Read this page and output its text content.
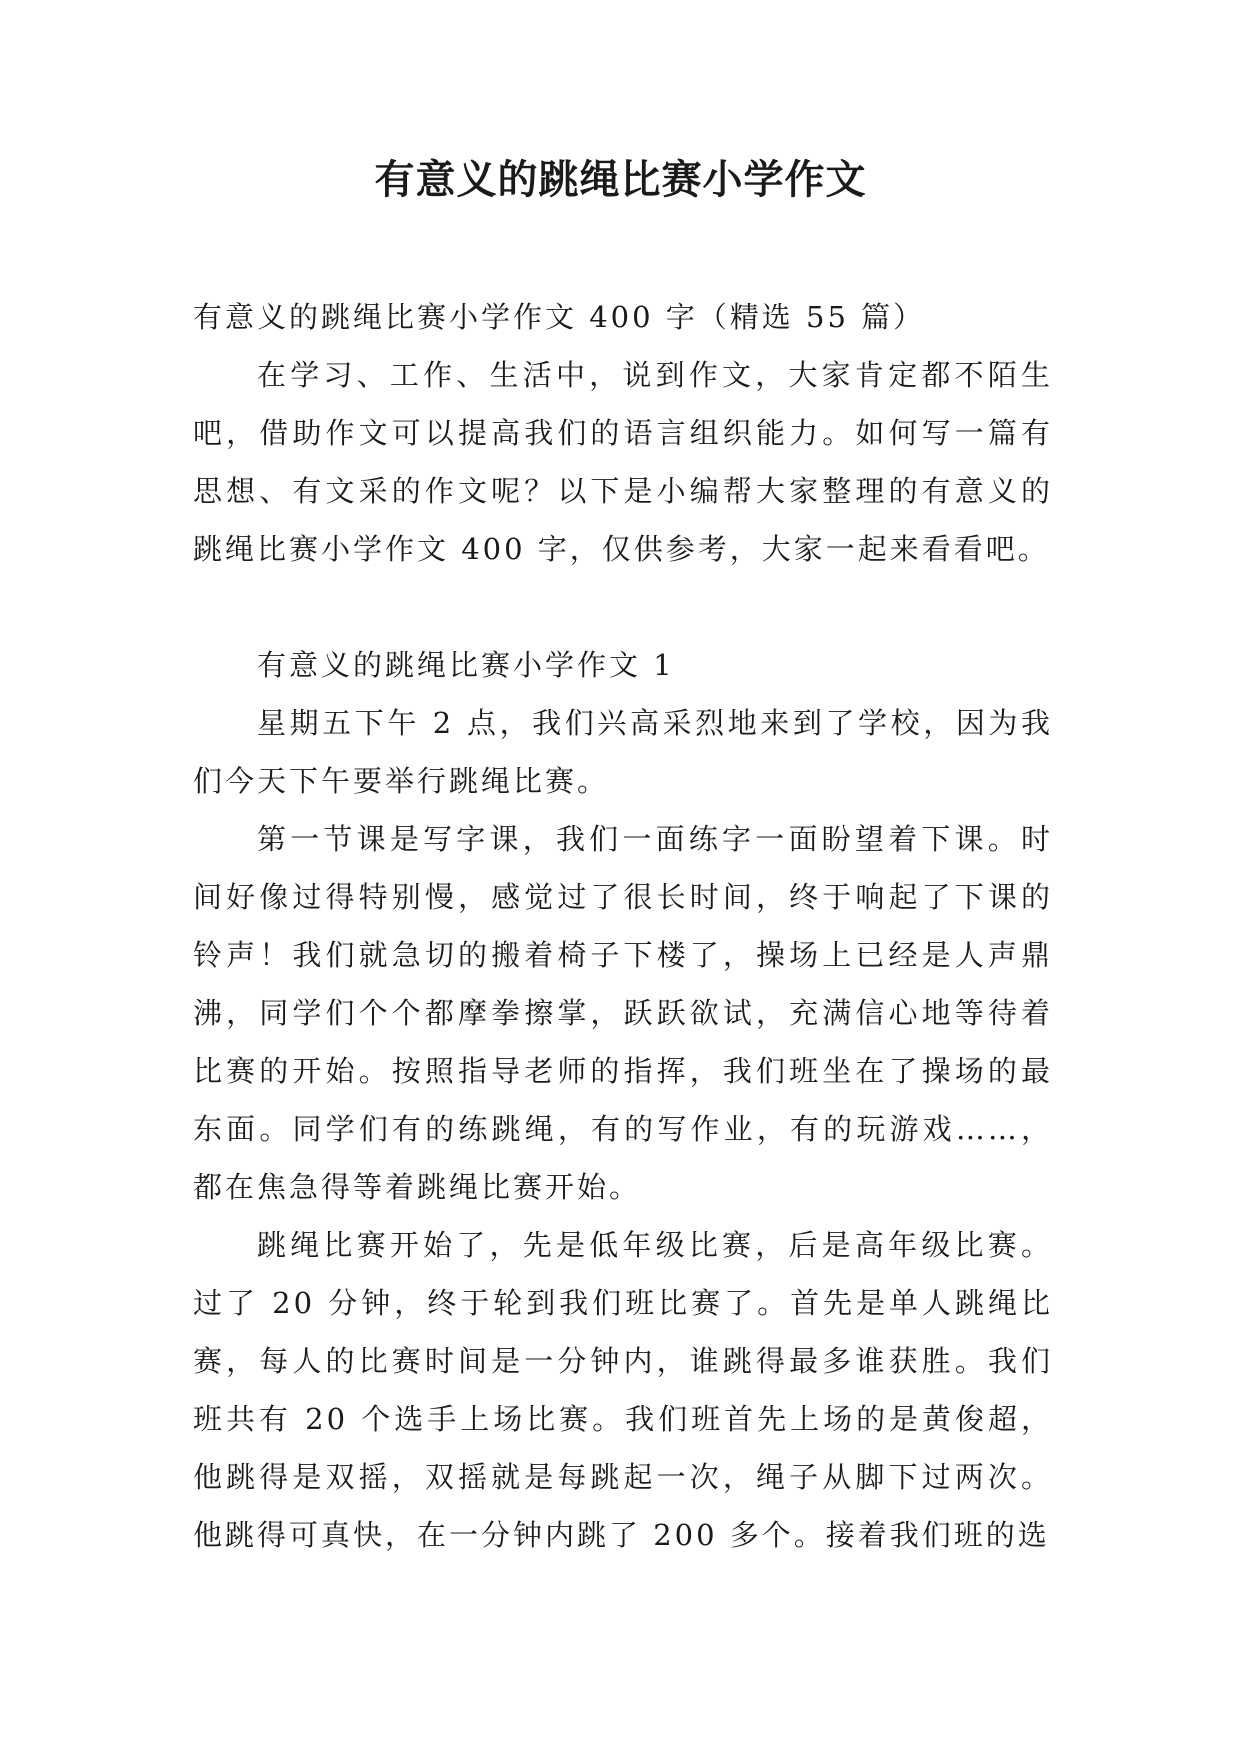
有意义的跳绳比赛小学作文

有意义的跳绳比赛小学作文 400 字（精选 55 篇）

在学习、工作、生活中，说到作文，大家肯定都不陌生吧，借助作文可以提高我们的语言组织能力。如何写一篇有思想、有文采的作文呢？以下是小编帮大家整理的有意义的跳绳比赛小学作文 400 字，仅供参考，大家一起来看看吧。

有意义的跳绳比赛小学作文 1

星期五下午 2 点，我们兴高采烈地来到了学校，因为我们今天下午要举行跳绳比赛。

第一节课是写字课，我们一面练字一面盼望着下课。时间好像过得特别慢，感觉过了很长时间，终于响起了下课的铃声！我们就急切的搬着椅子下楼了，操场上已经是人声鼎沸，同学们个个都摩拳擦掌，跃跃欲试，充满信心地等待着比赛的开始。按照指导老师的指挥，我们班坐在了操场的最东面。同学们有的练跳绳，有的写作业，有的玩游戏……，都在焦急得等着跳绳比赛开始。

跳绳比赛开始了，先是低年级比赛，后是高年级比赛。过了 20 分钟，终于轮到我们班比赛了。首先是单人跳绳比赛，每人的比赛时间是一分钟内，谁跳得最多谁获胜。我们班共有 20 个选手上场比赛。我们班首先上场的是黄俊超，他跳得是双摇，双摇就是每跳起一次，绳子从脚下过两次。他跳得可真快，在一分钟内跳了 200 多个。接着我们班的选
